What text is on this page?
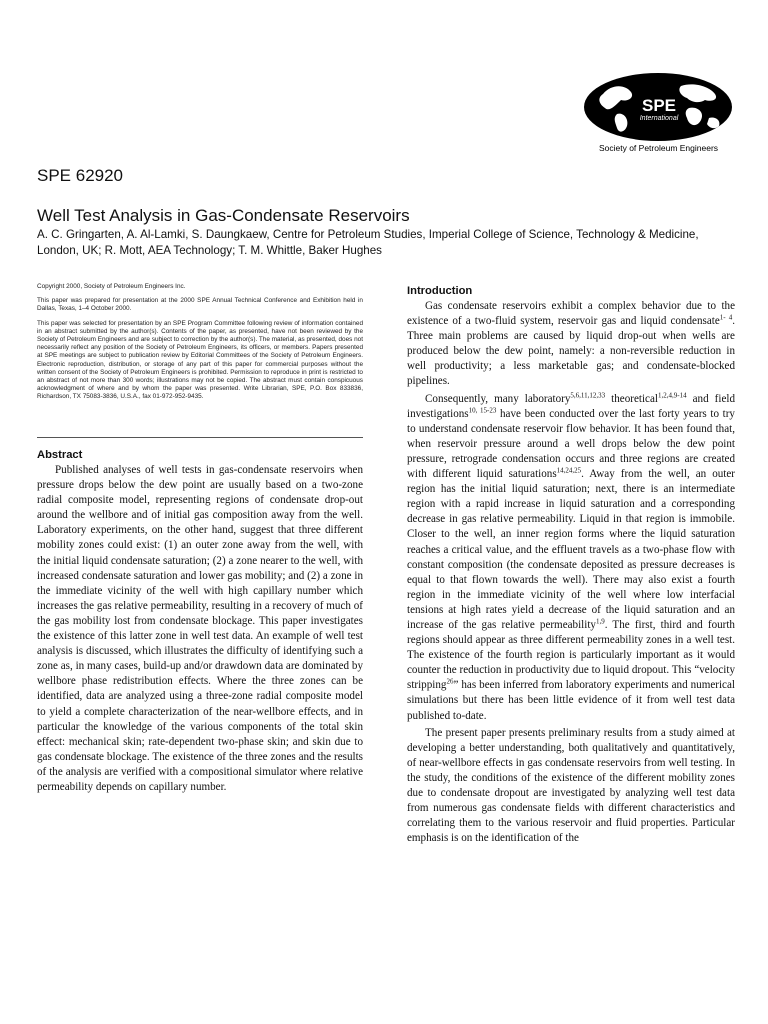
SPE
International
Society of Petroleum Engineers
SPE 62920
Well Test Analysis in Gas-Condensate Reservoirs
A. C. Gringarten, A. Al-Lamki, S. Daungkaew, Centre for Petroleum Studies, Imperial College of Science, Technology & Medicine, London, UK; R. Mott, AEA Technology; T. M. Whittle, Baker Hughes

Copyright 2000, Society of Petroleum Engineers Inc.

This paper was prepared for presentation at the 2000 SPE Annual Technical Conference and Exhibition held in Dallas, Texas, 1–4 October 2000.

This paper was selected for presentation by an SPE Program Committee following review of information contained in an abstract submitted by the author(s). Contents of the paper, as presented, have not been reviewed by the Society of Petroleum Engineers and are subject to correction by the author(s). The material, as presented, does not necessarily reflect any position of the Society of Petroleum Engineers, its officers, or members. Papers presented at SPE meetings are subject to publication review by Editorial Committees of the Society of Petroleum Engineers. Electronic reproduction, distribution, or storage of any part of this paper for commercial purposes without the written consent of the Society of Petroleum Engineers is prohibited. Permission to reproduce in print is restricted to an abstract of not more than 300 words; illustrations may not be copied. The abstract must contain conspicuous acknowledgment of where and by whom the paper was presented. Write Librarian, SPE, P.O. Box 833836, Richardson, TX 75083-3836, U.S.A., fax 01-972-952-9435.

Abstract

Published analyses of well tests in gas-condensate reservoirs when pressure drops below the dew point are usually based on a two-zone radial composite model, representing regions of condensate drop-out around the wellbore and of initial gas composition away from the well. Laboratory experiments, on the other hand, suggest that three different mobility zones could exist: (1) an outer zone away from the well, with the initial liquid condensate saturation; (2) a zone nearer to the well, with increased condensate saturation and lower gas mobility; and (2) a zone in the immediate vicinity of the well with high capillary number which increases the gas relative permeability, resulting in a recovery of much of the gas mobility lost from condensate blockage. This paper investigates the existence of this latter zone in well test data. An example of well test analysis is discussed, which illustrates the difficulty of identifying such a zone as, in many cases, build-up and/or drawdown data are dominated by wellbore phase redistribution effects. Where the three zones can be identified, data are analyzed using a three-zone radial composite model to yield a complete characterization of the near-wellbore effects, and in particular the knowledge of the various components of the total skin effect: mechanical skin; rate-dependent two-phase skin; and skin due to gas condensate blockage. The existence of the three zones and the results of the analysis are verified with a compositional simulator where relative permeability depends on capillary number.

Introduction

Gas condensate reservoirs exhibit a complex behavior due to the existence of a two-fluid system, reservoir gas and liquid condensate$^{1- 4}$. Three main problems are caused by liquid drop-out when wells are produced below the dew point, namely: a non-reversible reduction in well productivity; a less marketable gas; and condensate-blocked pipelines.

Consequently, many laboratory$^{5,6,11,12,33}$ theoretical$^{1,2,4,9-14}$ and field investigations$^{10, 15-23}$ have been conducted over the last forty years to try to understand condensate reservoir flow behavior. It has been found that, when reservoir pressure around a well drops below the dew point pressure, retrograde condensation occurs and three regions are created with different liquid saturations$^{14,24,25}$. Away from the well, an outer region has the initial liquid saturation; next, there is an intermediate region with a rapid increase in liquid saturation and a corresponding decrease in gas relative permeability. Liquid in that region is immobile. Closer to the well, an inner region forms where the liquid saturation reaches a critical value, and the effluent travels as a two-phase flow with constant composition (the condensate deposited as pressure decreases is equal to that flown towards the well). There may also exist a fourth region in the immediate vicinity of the well where low interfacial tensions at high rates yield a decrease of the liquid saturation and an increase of the gas relative permeability$^{1,9}$. The first, third and fourth regions should appear as three different permeability zones in a well test. The existence of the fourth region is particularly important as it would counter the reduction in productivity due to liquid dropout. This “velocity stripping$^{26}$” has been inferred from laboratory experiments and numerical simulations but there has been little evidence of it from well test data published to-date.

The present paper presents preliminary results from a study aimed at developing a better understanding, both qualitatively and quantitatively, of near-wellbore effects in gas condensate reservoirs from well testing. In the study, the conditions of the existence of the different mobility zones due to condensate dropout are investigated by analyzing well test data from numerous gas condensate fields with different characteristics and correlating them to the various reservoir and fluid properties. Particular emphasis is on the identification of the
